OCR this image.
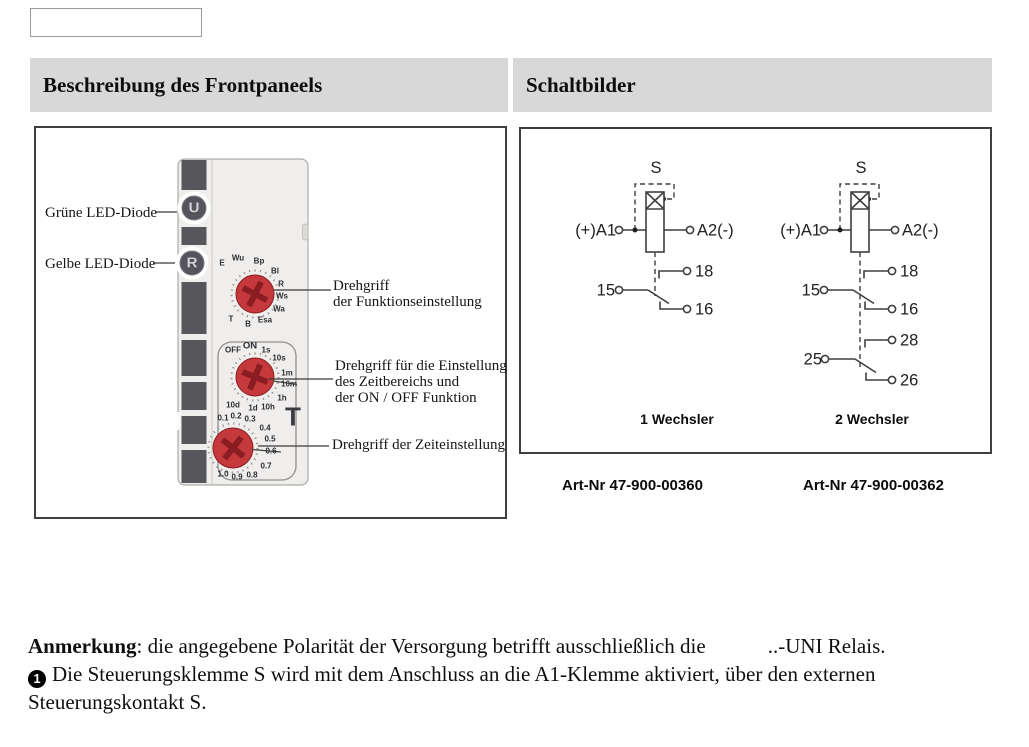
Beschreibung des Frontpaneels	Schaltbilder
U
R	E
Wu Bp
Bl
R
Ws
Wa
Esa
B
T
OFF ON 1s
10s
1m
10m
1h
10h
1d
10d
0.1 0.2 0.3
0.4
0.5
0.6
0.7
0.8
0.9
1.0
T
Grüne LED-Diode
Gelbe LED-Diode
Drehgriff
der Funktionseinstellung
Drehgriff für die Einstellung
des Zeitbereichs und
der ON / OFF Funktion
Drehgriff der Zeiteinstellung
S
(+)A1	A2(-)
15
18
16
1 Wechsler
S
(+)A1	A2(-)
15
18
16
25
28
26
2 Wechsler
Art-Nr 47-900-00360	Art-Nr 47-900-00362
Anmerkung: die angegebene Polarität der Versorgung betrifft ausschließlich die	..-UNI Relais.
1 Die Steuerungsklemme S wird mit dem Anschluss an die A1-Klemme aktiviert, über den externen
Steuerungskontakt S.
